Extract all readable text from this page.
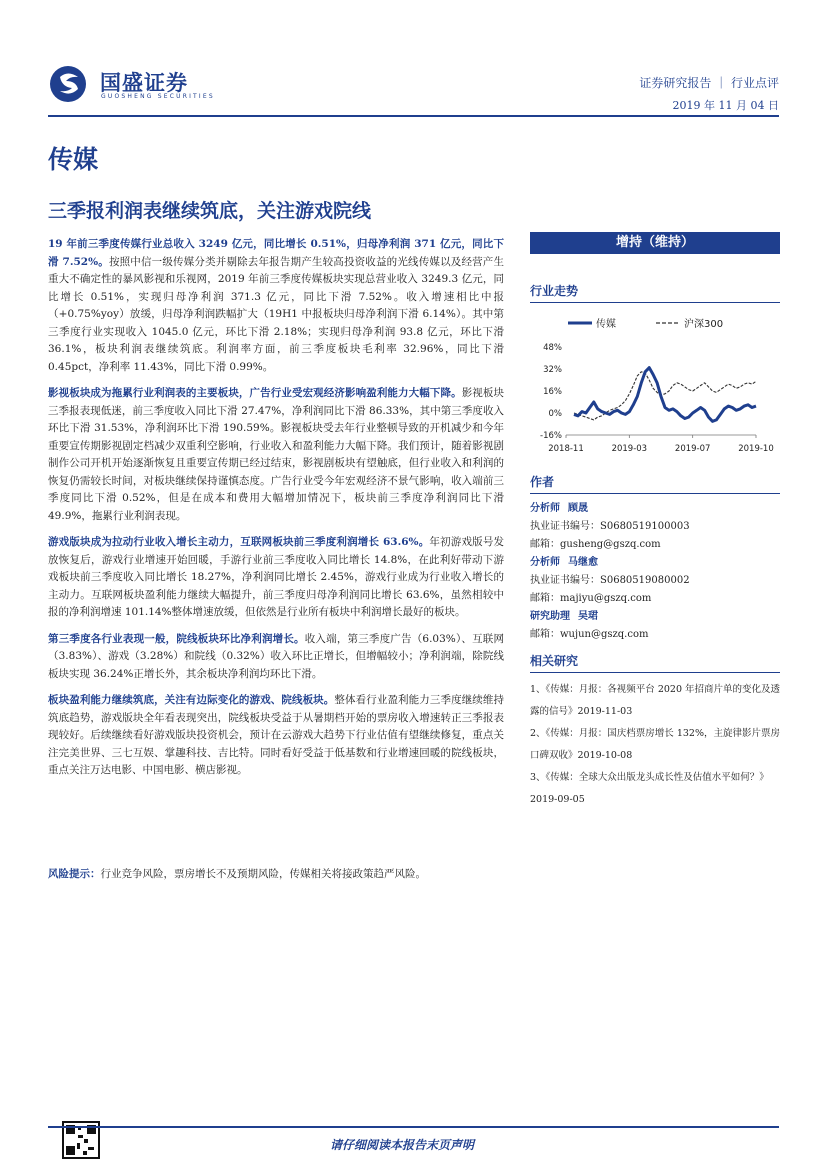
国盛证券
GUOSHENG SECURITIES
证券研究报告 ｜ 行业点评
2019 年 11 月 04 日
传媒
三季报利润表继续筑底，关注游戏院线

19 年前三季度传媒行业总收入 3249 亿元，同比增长 0.51%，归母净利润 371 亿元，同比下滑 7.52%。按照中信一级传媒分类并剔除去年报告期产生较高投资收益的光线传媒以及经营产生重大不确定性的暴风影视和乐视网，2019 年前三季度传媒板块实现总营业收入 3249.3 亿元，同比增长 0.51%，实现归母净利润 371.3 亿元，同比下滑 7.52%。收入增速相比中报（+0.75%yoy）放缓，归母净利润跌幅扩大（19H1 中报板块归母净利润下滑 6.14%）。其中第三季度行业实现收入 1045.0 亿元，环比下滑 2.18%；实现归母净利润 93.8 亿元，环比下滑 36.1%，板块利润表继续筑底。利润率方面，前三季度板块毛利率 32.96%，同比下滑 0.45pct，净利率 11.43%，同比下滑 0.99%。

影视板块成为拖累行业利润表的主要板块，广告行业受宏观经济影响盈利能力大幅下降。影视板块三季报表现低迷，前三季度收入同比下滑 27.47%，净利润同比下滑 86.33%，其中第三季度收入环比下滑 31.53%，净利润环比下滑 190.59%。影视板块受去年行业整顿导致的开机减少和今年重要宣传期影视剧定档减少双重利空影响，行业收入和盈利能力大幅下降。我们预计，随着影视剧制作公司开机开始逐渐恢复且重要宣传期已经过结束，影视剧板块有望触底，但行业收入和利润的恢复仍需较长时间，对板块继续保持谨慎态度。广告行业受今年宏观经济不景气影响，收入端前三季度同比下滑 0.52%，但是在成本和费用大幅增加情况下，板块前三季度净利润同比下滑 49.9%，拖累行业利润表现。

游戏版块成为拉动行业收入增长主动力，互联网板块前三季度利润增长 63.6%。年初游戏版号发放恢复后，游戏行业增速开始回暖，手游行业前三季度收入同比增长 14.8%，在此利好带动下游戏板块前三季度收入同比增长 18.27%，净利润同比增长 2.45%，游戏行业成为行业收入增长的主动力。互联网板块盈利能力继续大幅提升，前三季度归母净利润同比增长 63.6%，虽然相较中报的净利润增速 101.14%整体增速放缓，但依然是行业所有板块中利润增长最好的板块。

第三季度各行业表现一般，院线板块环比净利润增长。收入端，第三季度广告（6.03%）、互联网（3.83%）、游戏（3.28%）和院线（0.32%）收入环比正增长，但增幅较小；净利润端，除院线板块实现 36.24%正增长外，其余板块净利润均环比下滑。

板块盈利能力继续筑底，关注有边际变化的游戏、院线板块。整体看行业盈利能力三季度继续维持筑底趋势，游戏版块全年看表现突出，院线板块受益于从暑期档开始的票房收入增速转正三季报表现较好。后续继续看好游戏版块投资机会，预计在云游戏大趋势下行业估值有望继续修复，重点关注完美世界、三七互娱、掌趣科技、吉比特。同时看好受益于低基数和行业增速回暖的院线板块，重点关注万达电影、中国电影、横店影视。

风险提示：行业竞争风险，票房增长不及预期风险，传媒相关将接政策趋严风险。
增持（维持）
行业走势
传媒	沪深300
48%
32%
16%
0%
-16%
2018-11	2019-03	2019-07	2019-10
作者
分析师 顾晟
执业证书编号：S0680519100003
邮箱：gusheng@gszq.com
分析师 马继愈
执业证书编号：S0680519080002
邮箱：majiyu@gszq.com
研究助理 吴珺
邮箱：wujun@gszq.com
相关研究
1、《传媒：月报：各视频平台 2020 年招商片单的变化及透露的信号》2019-11-03
2、《传媒：月报：国庆档票房增长 132%，主旋律影片票房口碑双收》2019-10-08
3、《传媒：全球大众出版龙头成长性及估值水平如何？》2019-09-05
请仔细阅读本报告末页声明
